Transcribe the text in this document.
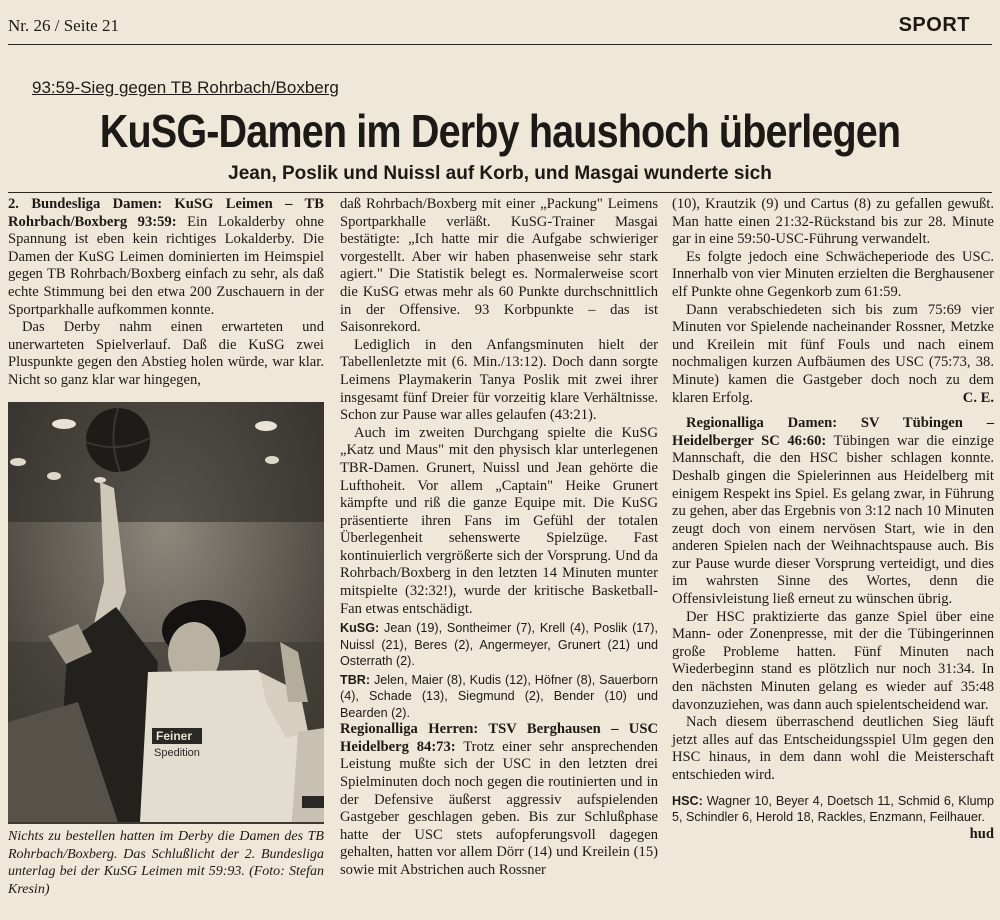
Nr. 26 / Seite 21	SPORT
93:59-Sieg gegen TB Rohrbach/Boxberg
KuSG-Damen im Derby haushoch überlegen
Jean, Poslik und Nuissl auf Korb, und Masgai wunderte sich

2. Bundesliga Damen: KuSG Leimen – TB Rohrbach/Boxberg 93:59: Ein Lokalderby ohne Spannung ist eben kein richtiges Lokalderby. Die Damen der KuSG Leimen dominierten im Heimspiel gegen TB Rohrbach/Boxberg einfach zu sehr, als daß echte Stimmung bei den etwa 200 Zuschauern in der Sportparkhalle aufkommen konnte.

Das Derby nahm einen erwarteten und unerwarteten Spielverlauf. Daß die KuSG zwei Pluspunkte gegen den Abstieg holen würde, war klar. Nicht so ganz klar war hingegen,

Feiner
Spedition
Nichts zu bestellen hatten im Derby die Damen des TB Rohrbach/Boxberg. Das Schlußlicht der 2. Bundesliga unterlag bei der KuSG Leimen mit 59:93. (Foto: Stefan Kresin)

daß Rohrbach/Boxberg mit einer „Packung" Leimens Sportparkhalle verläßt. KuSG-Trainer Masgai bestätigte: „Ich hatte mir die Aufgabe schwieriger vorgestellt. Aber wir haben phasenweise sehr stark agiert." Die Statistik belegt es. Normalerweise scort die KuSG etwas mehr als 60 Punkte durchschnittlich in der Offensive. 93 Korbpunkte – das ist Saisonrekord.

Lediglich in den Anfangsminuten hielt der Tabellenletzte mit (6. Min./13:12). Doch dann sorgte Leimens Playmakerin Tanya Poslik mit zwei ihrer insgesamt fünf Dreier für vorzeitig klare Verhältnisse. Schon zur Pause war alles gelaufen (43:21).

Auch im zweiten Durchgang spielte die KuSG „Katz und Maus" mit den physisch klar unterlegenen TBR-Damen. Grunert, Nuissl und Jean gehörte die Lufthoheit. Vor allem „Captain" Heike Grunert kämpfte und riß die ganze Equipe mit. Die KuSG präsentierte ihren Fans im Gefühl der totalen Überlegenheit sehenswerte Spielzüge. Fast kontinuierlich vergrößerte sich der Vorsprung. Und da Rohrbach/Boxberg in den letzten 14 Minuten munter mitspielte (32:32!), wurde der kritische Basketball-Fan etwas entschädigt.

KuSG: Jean (19), Sontheimer (7), Krell (4), Poslik (17), Nuissl (21), Beres (2), Angermeyer, Grunert (21) und Osterrath (2).

TBR: Jelen, Maier (8), Kudis (12), Höfner (8), Sauerborn (4), Schade (13), Siegmund (2), Bender (10) und Bearden (2).

Regionalliga Herren: TSV Berghausen – USC Heidelberg 84:73: Trotz einer sehr ansprechenden Leistung mußte sich der USC in den letzten drei Spielminuten doch noch gegen die routinierten und in der Defensive äußerst aggressiv aufspielenden Gastgeber geschlagen geben. Bis zur Schlußphase hatte der USC stets aufopferungsvoll dagegen gehalten, hatten vor allem Dörr (14) und Kreilein (15) sowie mit Abstrichen auch Rossner

(10), Krautzik (9) und Cartus (8) zu gefallen gewußt. Man hatte einen 21:32-Rückstand bis zur 28. Minute gar in eine 59:50-USC-Führung verwandelt.

Es folgte jedoch eine Schwächeperiode des USC. Innerhalb von vier Minuten erzielten die Berghausener elf Punkte ohne Gegenkorb zum 61:59.

Dann verabschiedeten sich bis zum 75:69 vier Minuten vor Spielende nacheinander Rossner, Metzke und Kreilein mit fünf Fouls und nach einem nochmaligen kurzen Aufbäumen des USC (75:73, 38. Minute) kamen die Gastgeber doch noch zu dem klaren Erfolg.	C. E.

Regionalliga Damen: SV Tübingen – Heidelberger SC 46:60: Tübingen war die einzige Mannschaft, die den HSC bisher schlagen konnte. Deshalb gingen die Spielerinnen aus Heidelberg mit einigem Respekt ins Spiel. Es gelang zwar, in Führung zu gehen, aber das Ergebnis von 3:12 nach 10 Minuten zeugt doch von einem nervösen Start, wie in den anderen Spielen nach der Weihnachtspause auch. Bis zur Pause wurde dieser Vorsprung verteidigt, und dies im wahrsten Sinne des Wortes, denn die Offensivleistung ließ erneut zu wünschen übrig.

Der HSC praktizierte das ganze Spiel über eine Mann- oder Zonenpresse, mit der die Tübingerinnen große Probleme hatten. Fünf Minuten nach Wiederbeginn stand es plötzlich nur noch 31:34. In den nächsten Minuten gelang es wieder auf 35:48 davonzuziehen, was dann auch spielentscheidend war.

Nach diesem überraschend deutlichen Sieg läuft jetzt alles auf das Entscheidungsspiel Ulm gegen den HSC hinaus, in dem dann wohl die Meisterschaft entschieden wird.

HSC: Wagner 10, Beyer 4, Doetsch 11, Schmid 6, Klump 5, Schindler 6, Herold 18, Rackles, Enzmann, Feilhauer.

hud
